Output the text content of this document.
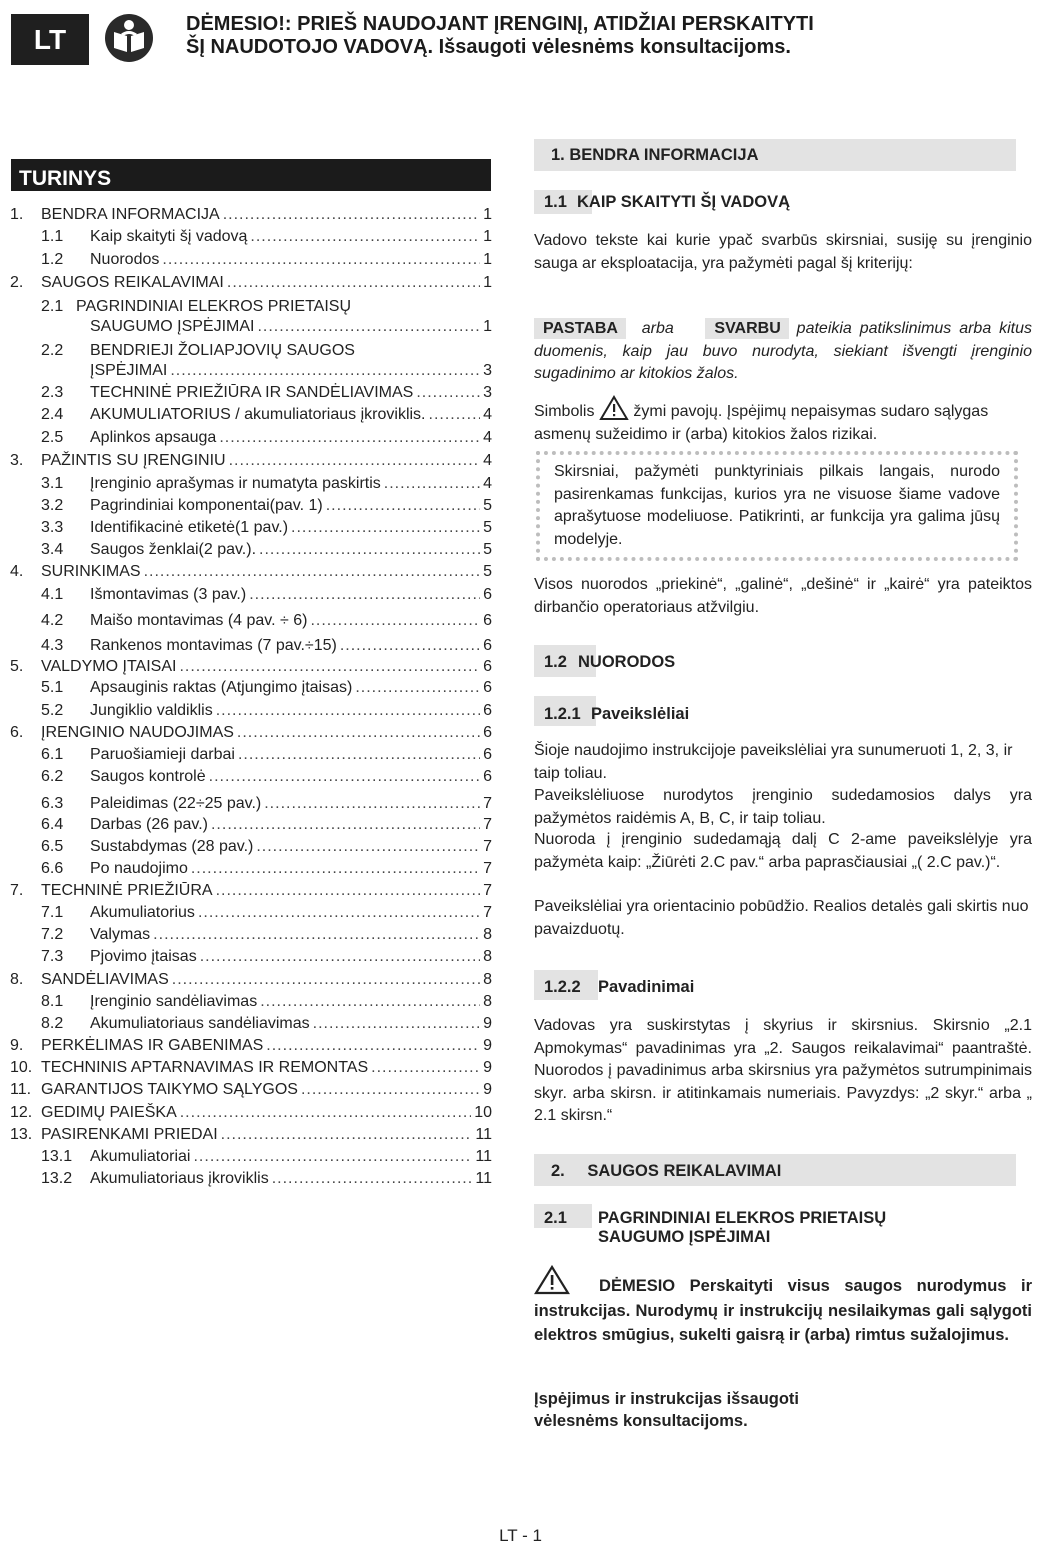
LT	DĖMESIO!: PRIEŠ NAUDOJANT ĮRENGINĮ, ATIDŽIAI PERSKAITYTI
ŠĮ NAUDOTOJO VADOVĄ. Išsaugoti vėlesnėms konsultacijoms.
TURINYS
1. BENDRA INFORMACIJA .....	1
1.1 Kaip skaityti šį vadovą .....	1
1.2 Nuorodos .....	1
2. SAUGOS REIKALAVIMAI .....	1
2.1 PAGRINDINIAI ELEKROS PRIETAISŲ
SAUGUMO ĮSPĖJIMAI .....	1
2.2 BENDRIEJI ŽOLIAPJOVIŲ SAUGOS
ĮSPĖJIMAI .....	3
2.3 TECHNINĖ PRIEŽIŪRA IR SANDĖLIAVIMAS .....	3
2.4 AKUMULIATORIUS / akumuliatoriaus įkroviklis. .....	4
2.5 Aplinkos apsauga .....	4
3. PAŽINTIS SU ĮRENGINIU .....	4
3.1 Įrenginio aprašymas ir numatyta paskirtis .....	4
3.2 Pagrindiniai komponentai(pav. 1) .....	5
3.3 Identifikacinė etiketė(1 pav.) .....	5
3.4 Saugos ženklai(2 pav.). .....	5
4. SURINKIMAS .....	5
4.1 Išmontavimas (3 pav.) .....	6
4.2 Maišo montavimas (4 pav. ÷ 6) .....	6
4.3 Rankenos montavimas (7 pav.÷15) .....	6
5. VALDYMO ĮTAISAI .....	6
5.1 Apsauginis raktas (Atjungimo įtaisas) .....	6
5.2 Jungiklio valdiklis .....	6
6. ĮRENGINIO NAUDOJIMAS .....	6
6.1 Paruošiamieji darbai .....	6
6.2 Saugos kontrolė .....	6
6.3 Paleidimas (22÷25 pav.) .....	7
6.4 Darbas (26 pav.) .....	7
6.5 Sustabdymas (28 pav.) .....	7
6.6 Po naudojimo .....	7
7. TECHNINĖ PRIEŽIŪRA .....	7
7.1 Akumuliatorius .....	7
7.2 Valymas .....	8
7.3 Pjovimo įtaisas .....	8
8. SANDĖLIAVIMAS .....	8
8.1 Įrenginio sandėliavimas .....	8
8.2 Akumuliatoriaus sandėliavimas .....	9
9. PERKĖLIMAS IR GABENIMAS .....	9
10. TECHNINIS APTARNAVIMAS IR REMONTAS .....	9
11. GARANTIJOS TAIKYMO SĄLYGOS .....	9
12. GEDIMŲ PAIEŠKA .....	10
13. PASIRENKAMI PRIEDAI .....	11
13.1 Akumuliatoriai .....	11
13.2 Akumuliatoriaus įkroviklis .....	11
1. BENDRA INFORMACIJA
1.1 KAIP SKAITYTI ŠĮ VADOVĄ
Vadovo tekste kai kurie ypač svarbūs skirsniai, susiję su įrenginio sauga ar eksploatacija, yra pažymėti pagal šį kriterijų:
PASTABA arba	SVARBU pateikia patikslinimus arba kitus duomenis, kaip jau buvo nurodyta, siekiant išvengti įrenginio sugadinimo ar kitokios žalos.
Simbolis žymi pavojų. Įspėjimų nepaisymas sudaro sąlygas asmenų sužeidimo ir (arba) kitokios žalos rizikai.
Skirsniai, pažymėti punktyriniais pilkais langais, nurodo pasirenkamas funkcijas, kurios yra ne visuose šiame vadove aprašytuose modeliuose. Patikrinti, ar funkcija yra galima jūsų modelyje.
Visos nuorodos „priekinė“, „galinė“, „dešinė“ ir „kairė“ yra pateiktos dirbančio operatoriaus atžvilgiu.
1.2 NUORODOS
1.2.1 Paveikslėliai
Šioje naudojimo instrukcijoje paveikslėliai yra sunumeruoti 1, 2, 3, ir taip toliau.
Paveikslėliuose nurodytos įrenginio sudedamosios dalys yra pažymėtos raidėmis A, B, C, ir taip toliau.
Nuoroda į įrenginio sudedamąją dalį C 2-ame paveikslėlyje yra pažymėta kaip: „Žiūrėti 2.C pav.“ arba paprasčiausiai „( 2.C pav.)“.
Paveikslėliai yra orientacinio pobūdžio. Realios detalės gali skirtis nuo pavaizduotų.
1.2.2 Pavadinimai
Vadovas yra suskirstytas į skyrius ir skirsnius. Skirsnio „2.1 Apmokymas“ pavadinimas yra „2. Saugos reikalavimai“ paantraštė. Nuorodos į pavadinimus arba skirsnius yra pažymėtos sutrumpinimais skyr. arba skirsn. ir atitinkamais numeriais. Pavyzdys: „2 skyr.“ arba „ 2.1 skirsn.“
2. SAUGOS REIKALAVIMAI
2.1 PAGRINDINIAI ELEKROS PRIETAISŲ
SAUGUMO ĮSPĖJIMAI
DĖMESIO Perskaityti visus saugos nurodymus ir instrukcijas. Nurodymų ir instrukcijų nesilaikymas gali sąlygoti elektros smūgius, sukelti gaisrą ir (arba) rimtus sužalojimus.
Įspėjimus ir instrukcijas išsaugoti
vėlesnėms konsultacijoms.
LT - 1
